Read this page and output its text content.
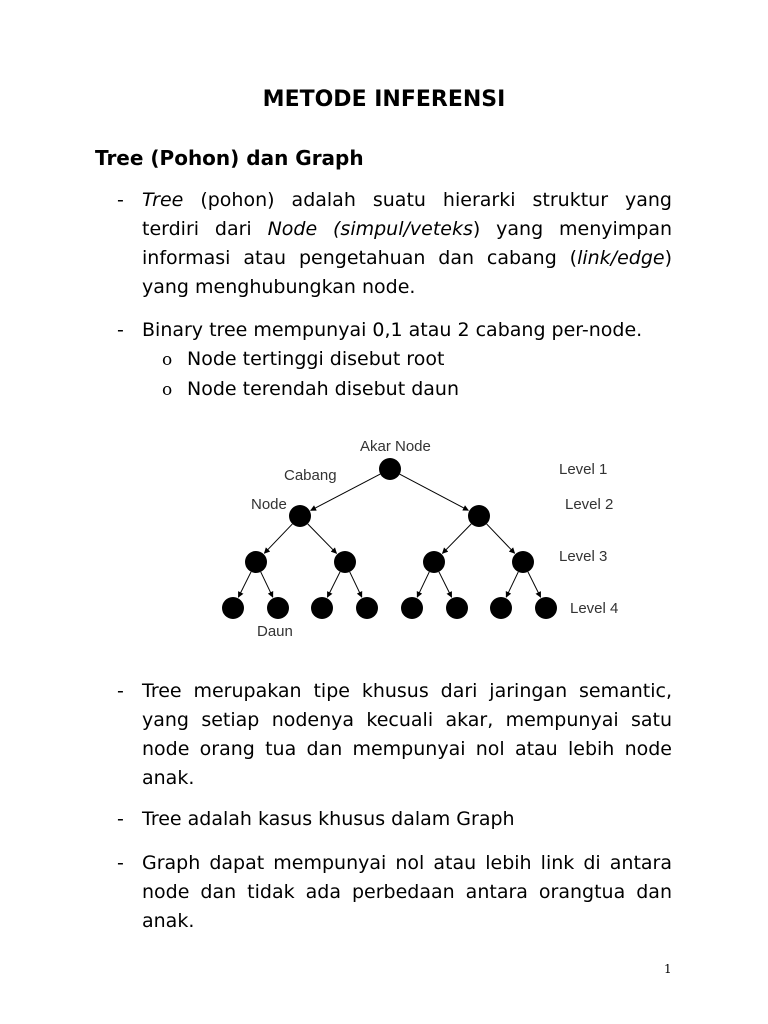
METODE INFERENSI
Tree (Pohon) dan Graph
- Tree (pohon) adalah suatu hierarki struktur yang
terdiri dari Node (simpul/veteks) yang menyimpan
informasi atau pengetahuan dan cabang (link/edge)
yang menghubungkan node.
- Binary tree mempunyai 0,1 atau 2 cabang per-node.
o Node tertinggi disebut root
o Node terendah disebut daun
Akar Node
Cabang
Node
Daun
Level 1
Level 2
Level 3
Level 4
- Tree merupakan tipe khusus dari jaringan semantic, yang setiap nodenya kecuali akar, mempunyai satu node orang tua dan mempunyai nol atau lebih node
anak.
- Tree adalah kasus khusus dalam Graph
- Graph dapat mempunyai nol atau lebih link di antara node dan tidak ada perbedaan antara orangtua dan
anak.
1
